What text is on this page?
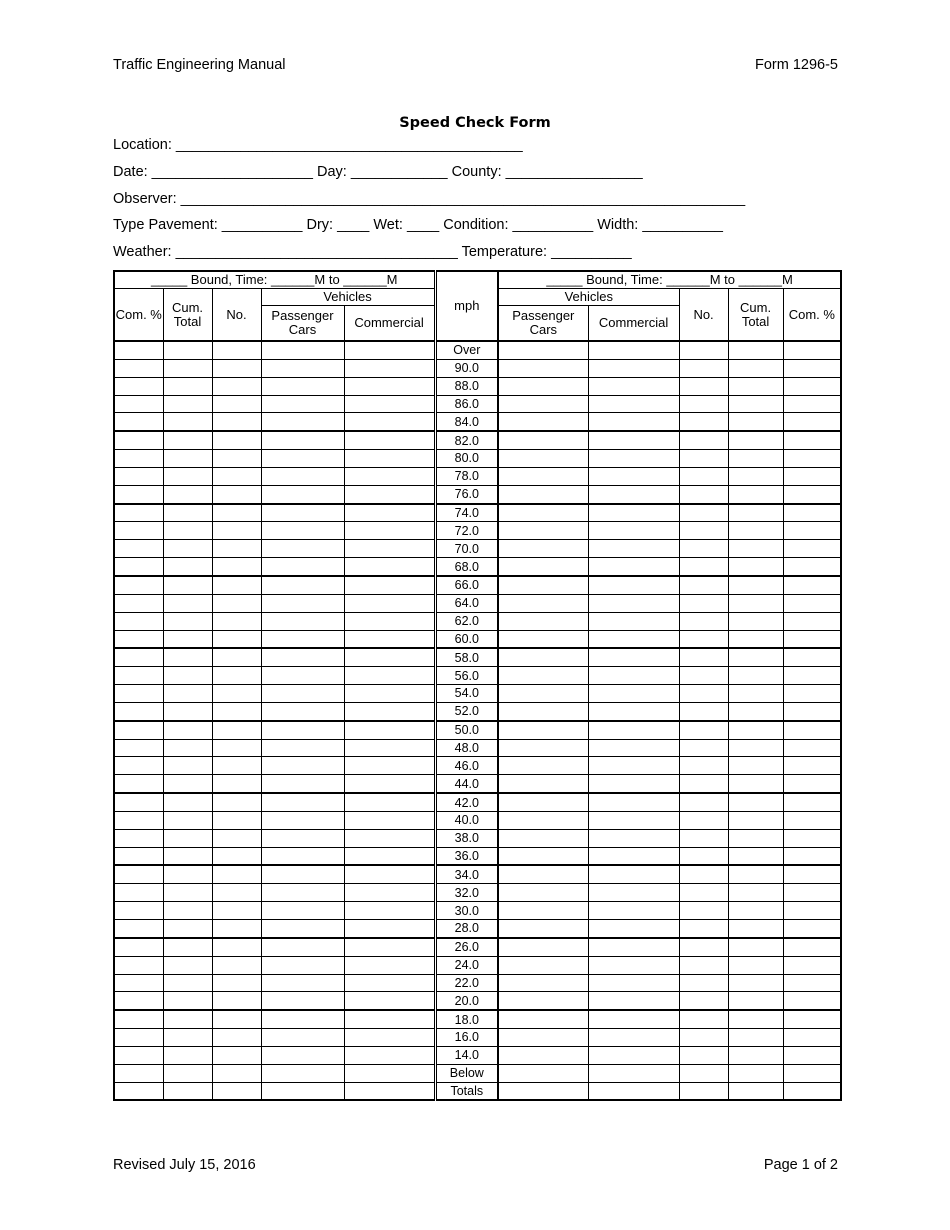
Traffic Engineering Manual	Form 1296-5
Speed Check Form
Location: ___________________________________________
Date: ____________________ Day: ____________ County: _________________
Observer: ______________________________________________________________________
Type Pavement: __________ Dry: ____ Wet: ____ Condition: __________ Width: __________
Weather: ___________________________________ Temperature: __________
_____ Bound, Time: ______M to ______M					mph	_____ Bound, Time: ______M to ______M				
Com. %	Cum. Total	No.	Vehicles			Vehicles		No.	Cum. Total	Com. %
			Passenger Cars	Commercial		Passenger Cars	Commercial			
					Over					
					90.0					
					88.0					
					86.0					
					84.0					
					82.0					
					80.0					
					78.0					
					76.0					
					74.0					
					72.0					
					70.0					
					68.0					
					66.0					
					64.0					
					62.0					
					60.0					
					58.0					
					56.0					
					54.0					
					52.0					
					50.0					
					48.0					
					46.0					
					44.0					
					42.0					
					40.0					
					38.0					
					36.0					
					34.0					
					32.0					
					30.0					
					28.0					
					26.0					
					24.0					
					22.0					
					20.0					
					18.0					
					16.0					
					14.0					
					Below					
					Totals					
Revised July 15, 2016	Page 1 of 2
